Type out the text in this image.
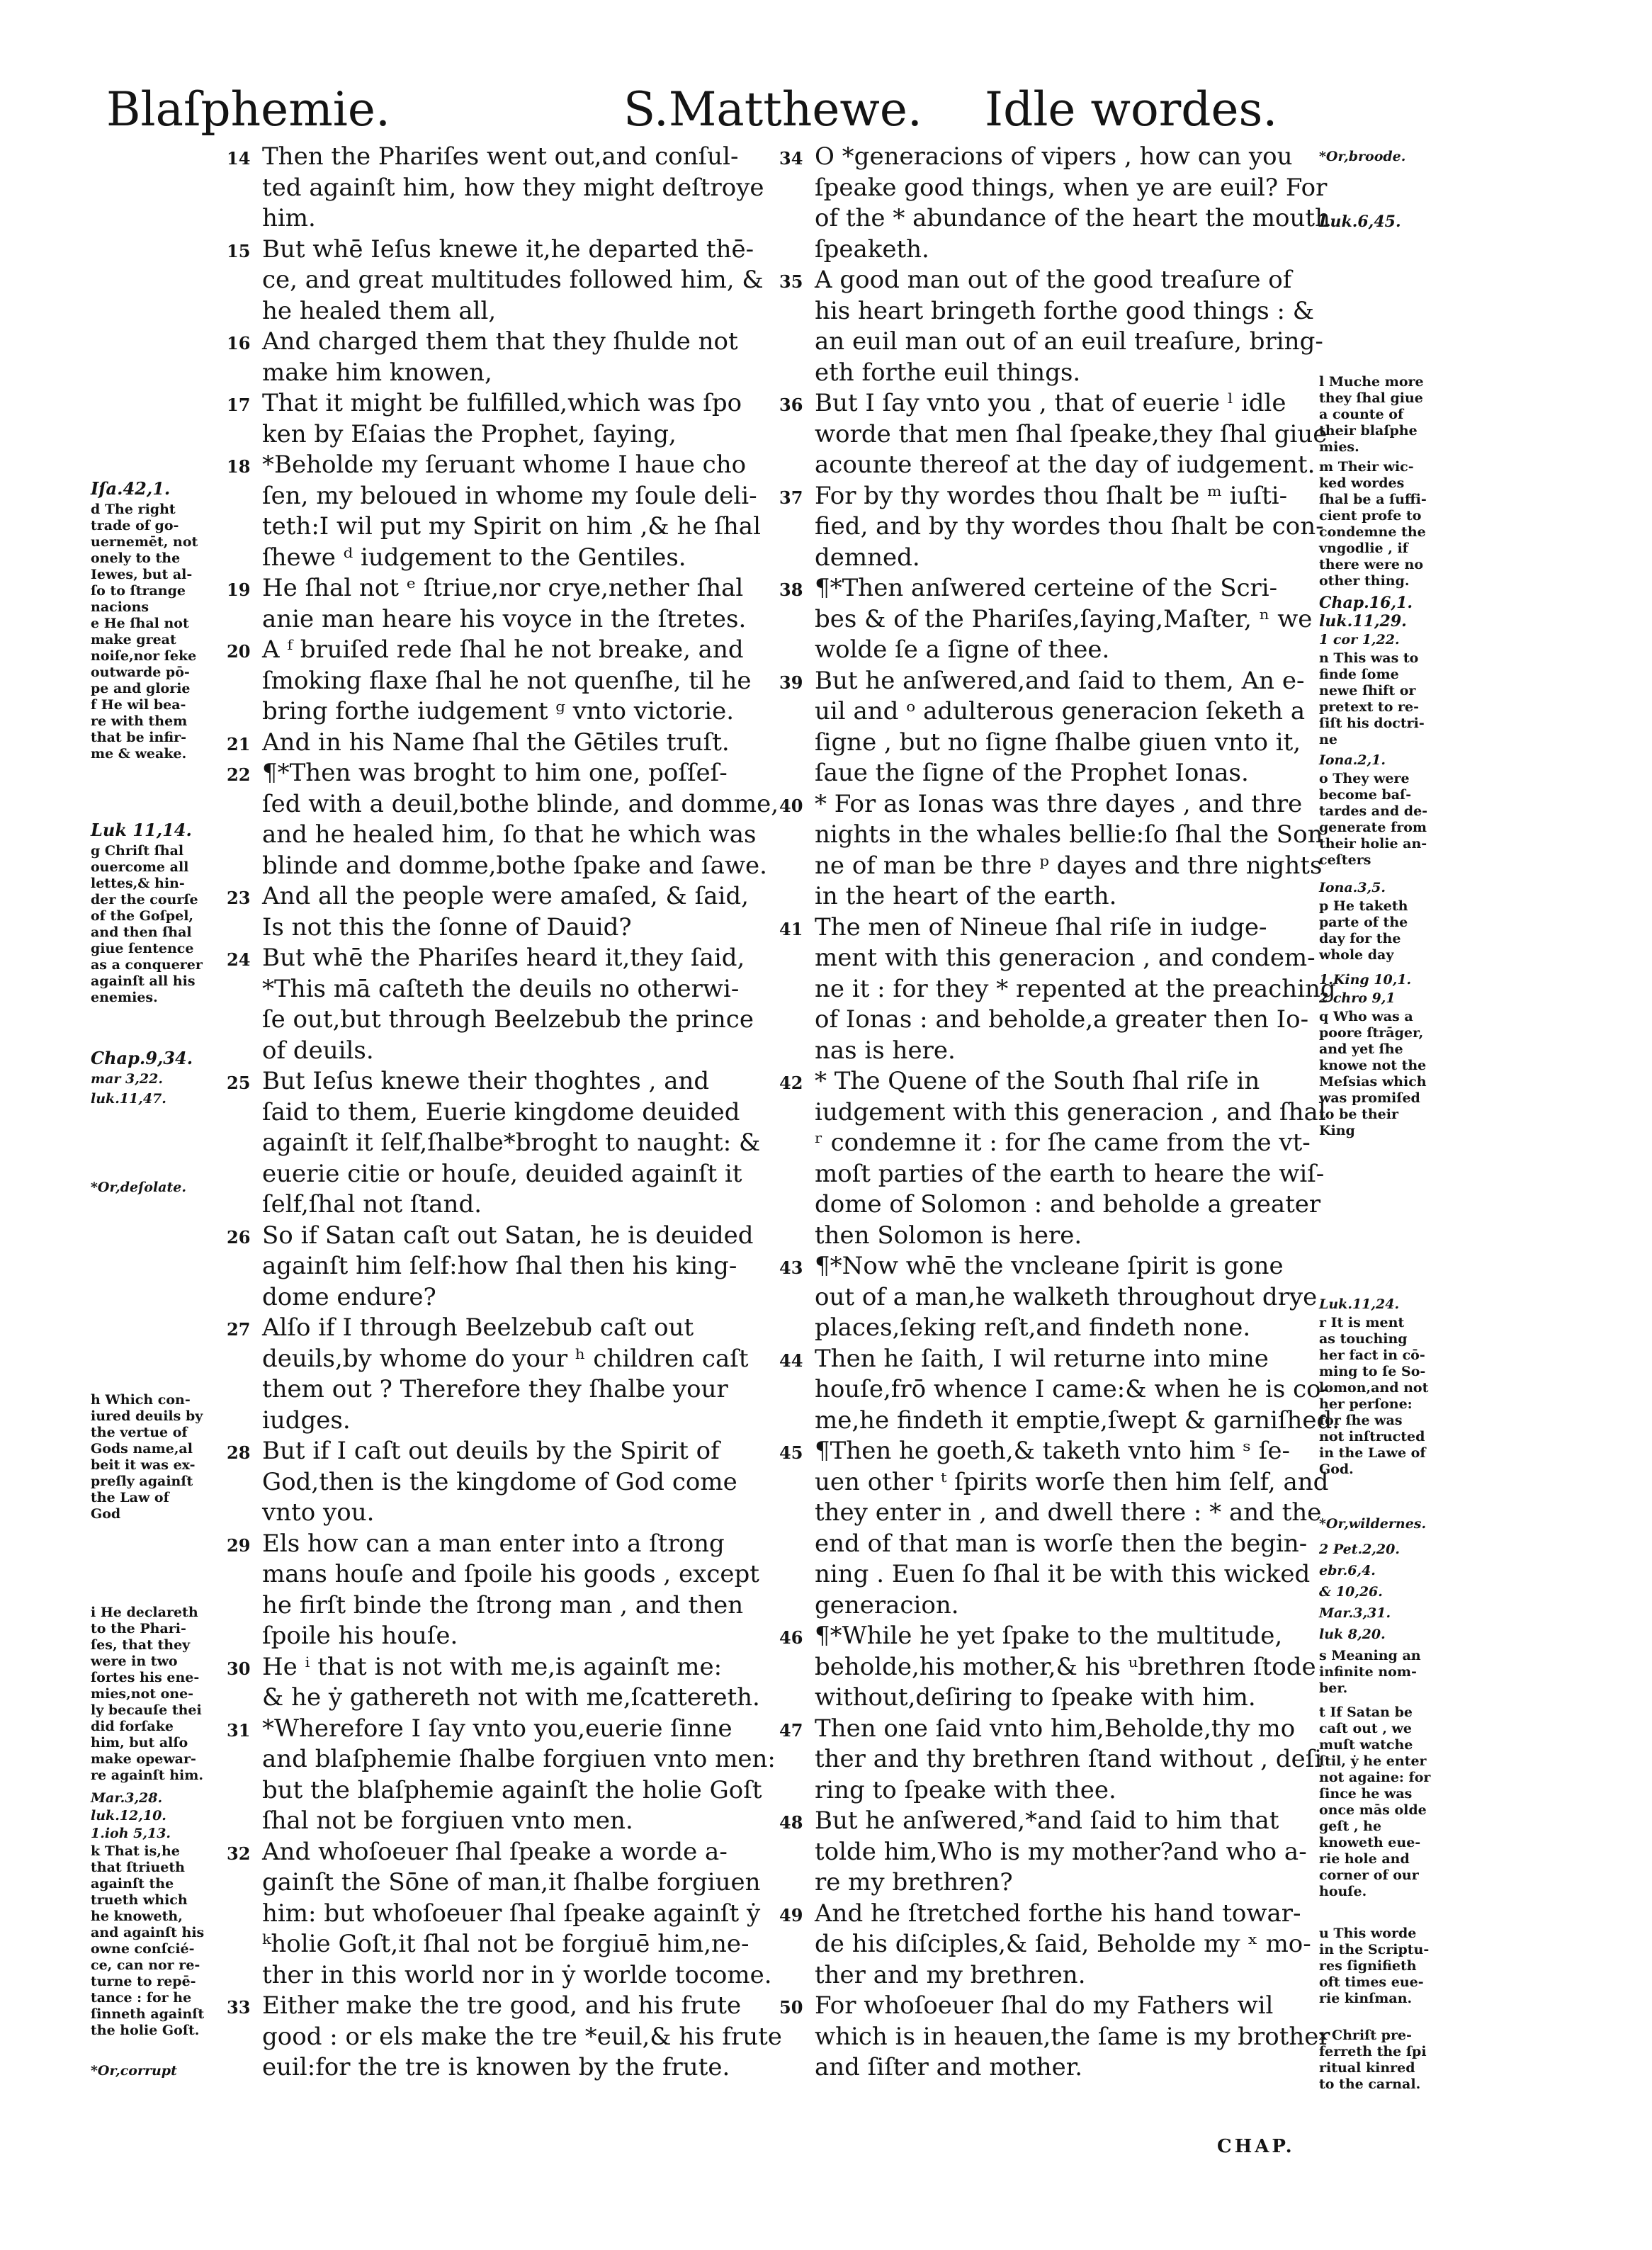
Blaſphemie.	S.Matthewe. Idle wordes.
14 Then the Phariſes went out,and conſul-
ted againſt him, how they might deſtroye
him.
15 But whē Ieſus knewe it,he departed thē-
ce, and great multitudes followed him, &
he healed them all,
16 And charged them that they ſhulde not
make him knowen,
17 That it might be fulfilled,which was ſpo
ken by Eſaias the Prophet, ſaying,
18 *Beholde my ſeruant whome I haue cho
ſen, my beloued in whome my ſoule deli-
teth:I wil put my Spirit on him ,& he ſhal
ſhewe ᵈ iudgement to the Gentiles.
19 He ſhal not ᵉ ſtriue,nor crye,nether ſhal
anie man heare his voyce in the ſtretes.
20 A ᶠ bruiſed rede ſhal he not breake, and
ſmoking flaxe ſhal he not quenſhe, til he
bring forthe iudgement ᵍ vnto victorie.
21 And in his Name ſhal the Gētiles truſt.
22 ¶*Then was broght to him one, poſſeſ-
ſed with a deuil,bothe blinde, and domme,
and he healed him, ſo that he which was
blinde and domme,bothe ſpake and ſawe.
23 And all the people were amaſed, & ſaid,
Is not this the ſonne of Dauid?
24 But whē the Phariſes heard it,they ſaid,
*This mā caſteth the deuils no otherwi-
ſe out,but through Beelzebub the prince
of deuils.
25 But Ieſus knewe their thoghtes , and
ſaid to them, Euerie kingdome deuided
againſt it ſelf,ſhalbe*broght to naught: &
euerie citie or houſe, deuided againſt it
ſelf,ſhal not ſtand.
26 So if Satan caſt out Satan, he is deuided
againſt him ſelf:how ſhal then his king-
dome endure?
27 Alſo if I through Beelzebub caſt out
deuils,by whome do your ʰ children caſt
them out ? Therefore they ſhalbe your
iudges.
28 But if I caſt out deuils by the Spirit of
God,then is the kingdome of God come
vnto you.
29 Els how can a man enter into a ſtrong
mans houſe and ſpoile his goods , except
he firſt binde the ſtrong man , and then
ſpoile his houſe.
30 He ⁱ that is not with me,is againſt me:
& he ẏ gathereth not with me,ſcattereth.
31 *Wherefore I ſay vnto you,euerie ſinne
and blaſphemie ſhalbe forgiuen vnto men:
but the blaſphemie againſt the holie Goſt
ſhal not be forgiuen vnto men.
32 And whoſoeuer ſhal ſpeake a worde a-
gainſt the Sōne of man,it ſhalbe forgiuen
him: but whoſoeuer ſhal ſpeake againſt ẏ
ᵏholie Goſt,it ſhal not be forgiuē him,ne-
ther in this world nor in ẏ worlde tocome.
33 Either make the tre good, and his frute
good : or els make the tre *euil,& his frute
euil:for the tre is knowen by the frute.
34 O *generacions of vipers , how can you
ſpeake good things, when ye are euil? For
of the * abundance of the heart the mouth
ſpeaketh.
35 A good man out of the good treaſure of
his heart bringeth forthe good things : &
an euil man out of an euil treaſure, bring-
eth forthe euil things.
36 But I ſay vnto you , that of euerie ˡ idle
worde that men ſhal ſpeake,they ſhal giue
acounte thereof at the day of iudgement.
37 For by thy wordes thou ſhalt be ᵐ iuſti-
fied, and by thy wordes thou ſhalt be con-
demned.
38 ¶*Then anſwered certeine of the Scri-
bes & of the Phariſes,ſaying,Maſter, ⁿ we
wolde ſe a ſigne of thee.
39 But he anſwered,and ſaid to them, An e-
uil and ᵒ adulterous generacion ſeketh a
ſigne , but no ſigne ſhalbe giuen vnto it,
ſaue the ſigne of the Prophet Ionas.
40 * For as Ionas was thre dayes , and thre
nights in the whales bellie:ſo ſhal the Son
ne of man be thre ᵖ dayes and thre nights
in the heart of the earth.
41 The men of Nineue ſhal riſe in iudge-
ment with this generacion , and condem-
ne it : for they * repented at the preaching
of Ionas : and beholde,a greater then Io-
nas is here.
42 * The Quene of the South ſhal riſe in
iudgement with this generacion , and ſhal
ʳ condemne it : for ſhe came from the vt-
moſt parties of the earth to heare the wiſ-
dome of Solomon : and beholde a greater
then Solomon is here.
43 ¶*Now whē the vncleane ſpirit is gone
out of a man,he walketh throughout drye
places,ſeking reſt,and findeth none.
44 Then he ſaith, I wil returne into mine
houſe,frō whence I came:& when he is co-
me,he findeth it emptie,ſwept & garniſhed.
45 ¶Then he goeth,& taketh vnto him ˢ ſe-
uen other ᵗ ſpirits worſe then him ſelf, and
they enter in , and dwell there : * and the
end of that man is worſe then the begin-
ning . Euen ſo ſhal it be with this wicked
generacion.
46 ¶*While he yet ſpake to the multitude,
beholde,his mother,& his ᵘbrethren ſtode
without,deſiring to ſpeake with him.
47 Then one ſaid vnto him,Beholde,thy mo
ther and thy brethren ſtand without , deſi
ring to ſpeake with thee.
48 But he anſwered,*and ſaid to him that
tolde him,Who is my mother?and who a-
re my brethren?
49 And he ſtretched forthe his hand towar-
de his diſciples,& ſaid, Beholde my ˣ mo-
ther and my brethren.
50 For whoſoeuer ſhal do my Fathers wil
which is in heauen,the ſame is my brother
and ſiſter and mother.
Iſa.42,1.
d The right
trade of go-
uernemēt, not
onely to the
Iewes, but al-
ſo to ſtrange
nacions
e He ſhal not
make great
noiſe,nor ſeke
outwarde pō-
pe and glorie
f He wil bea-
re with them
that be infir-
me & weake.
Luk 11,14.
g Chriſt ſhal
ouercome all
lettes,& hin-
der the courſe
of the Goſpel,
and then ſhal
giue ſentence
as a conquerer
againſt all his
enemies.
Chap.9,34.
mar 3,22.
luk.11,47.
*Or,deſolate.
h Which con-
iured deuils by
the vertue of
Gods name,al
beit it was ex-
preſly againſt
the Law of
God
i He declareth
to the Phari-
ſes, that they
were in two
ſortes his ene-
mies,not one-
ly becauſe thei
did forſake
him, but alſo
make opewar-
re againſt him.
Mar.3,28.
luk.12,10.
1.ioh 5,13.
k That is,he
that ſtriueth
againſt the
trueth which
he knoweth,
and againſt his
owne conſcié-
ce, can nor re-
turne to repē-
tance : for he
ſinneth againſt
the holie Goſt.
*Or,corrupt
*Or,broode.
Luk.6,45.
l Muche more
they ſhal giue
a counte of
their blaſphe
mies.
m Their wic-
ked wordes
ſhal be a ſuffi-
cient profe to
condemne the
vngodlie , if
there were no
other thing.
Chap.16,1.
luk.11,29.
1 cor 1,22.
n This was to
finde ſome
newe ſhift or
pretext to re-
ſiſt his doctri-
ne
Iona.2,1.
o They were
become baſ-
tardes and de-
generate from
their holie an-
ceſters
Iona.3,5.
p He taketh
parte of the
day for the
whole day
1.King 10,1.
2 chro 9,1
q Who was a
poore ſtrāger,
and yet ſhe
knowe not the
Meſsias which
was promiſed
to be their
King
Luk.11,24.
r It is ment
as touching
her fact in cō-
ming to ſe So-
lomon,and not
her perſone:
for ſhe was
not inſtructed
in the Lawe of
God.
*Or,wildernes.
2 Pet.2,20.
ebr.6,4.
& 10,26.
Mar.3,31.
luk 8,20.
s Meaning an
infinite nom-
ber.
t If Satan be
caſt out , we
muſt watche
ſtil, ẏ he enter
not againe: for
ſince he was
once mās olde
geſt , he
knoweth eue-
rie hole and
corner of our
houſe.
u This worde
in the Scriptu-
res ſignifieth
oft times eue-
rie kinſman.
x Chriſt pre-
ferreth the ſpi
ritual kinred
to the carnal.
CHAP.
